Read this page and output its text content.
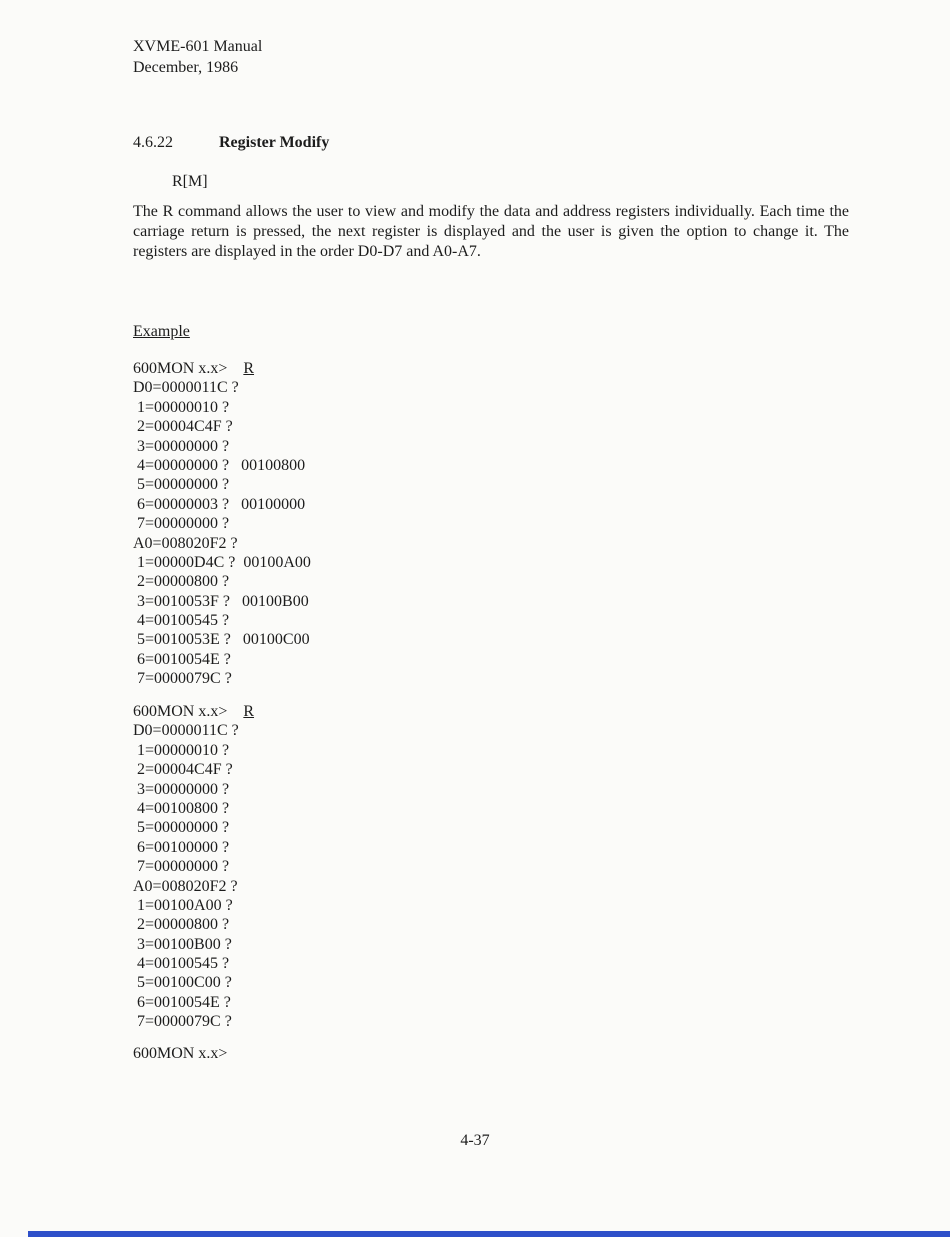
XVME-601 Manual
December, 1986
4.6.22	Register Modify
R[M]

The R command allows the user to view and modify the data and address registers individually. Each time the carriage return is pressed, the next register is displayed and the user is given the option to change it. The registers are displayed in the order D0-D7 and A0-A7.

Example
600MON x.x> R
D0=0000011C ?
1=00000010 ?
2=00004C4F ?
3=00000000 ?
4=00000000 ?   00100800
5=00000000 ?
6=00000003 ?   00100000
7=00000000 ?
A0=008020F2 ?
1=00000D4C ?  00100A00
2=00000800 ?
3=0010053F ?   00100B00
4=00100545 ?
5=0010053E ?   00100C00
6=0010054E ?
7=0000079C ?
600MON x.x> R
D0=0000011C ?
1=00000010 ?
2=00004C4F ?
3=00000000 ?
4=00100800 ?
5=00000000 ?
6=00100000 ?
7=00000000 ?
A0=008020F2 ?
1=00100A00 ?
2=00000800 ?
3=00100B00 ?
4=00100545 ?
5=00100C00 ?
6=0010054E ?
7=0000079C ?
600MON x.x>
4-37
